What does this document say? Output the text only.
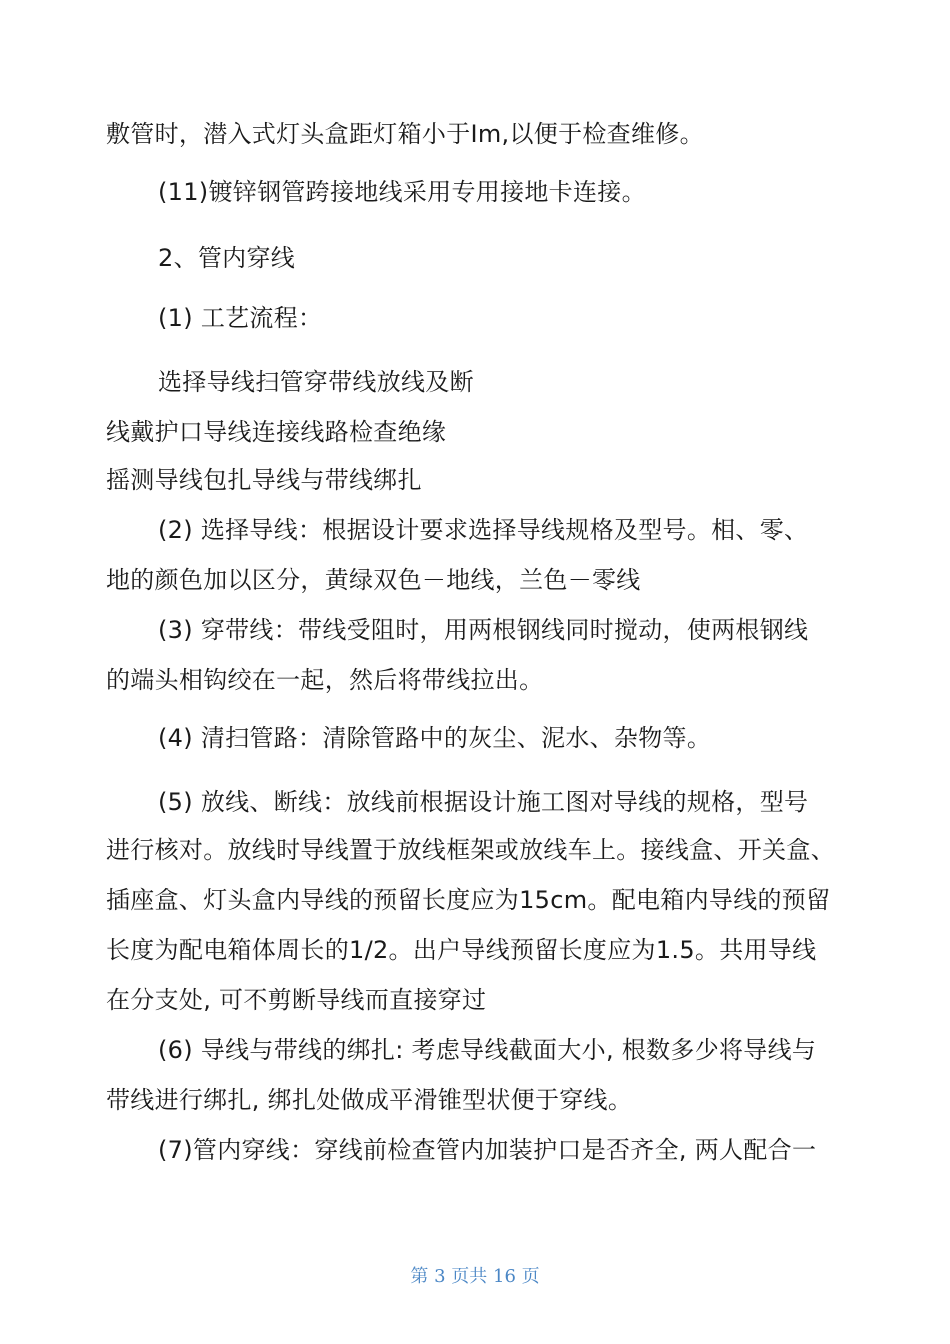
敷管时，潜入式灯头盒距灯箱小于Im,以便于检查维修。
(11)镀锌钢管跨接地线采用专用接地卡连接。
2、管内穿线
(1) 工艺流程：
选择导线扫管穿带线放线及断
线戴护口导线连接线路检查绝缘
摇测导线包扎导线与带线绑扎
(2) 选择导线：根据设计要求选择导线规格及型号。相、零、
地的颜色加以区分，黄绿双色－地线，兰色－零线
(3) 穿带线：带线受阻时，用两根钢线同时搅动，使两根钢线
的端头相钩绞在一起，然后将带线拉出。
(4) 清扫管路：清除管路中的灰尘、泥水、杂物等。
(5) 放线、断线：放线前根据设计施工图对导线的规格，型号
进行核对。放线时导线置于放线框架或放线车上。接线盒、开关盒、
插座盒、灯头盒内导线的预留长度应为15cm。配电箱内导线的预留
长度为配电箱体周长的1/2。出户导线预留长度应为1.5。共用导线
在分支处, 可不剪断导线而直接穿过
(6) 导线与带线的绑扎: 考虑导线截面大小, 根数多少将导线与
带线进行绑扎, 绑扎处做成平滑锥型状便于穿线。
(7)管内穿线：穿线前检查管内加装护口是否齐全, 两人配合一
第 3 页共 16 页
